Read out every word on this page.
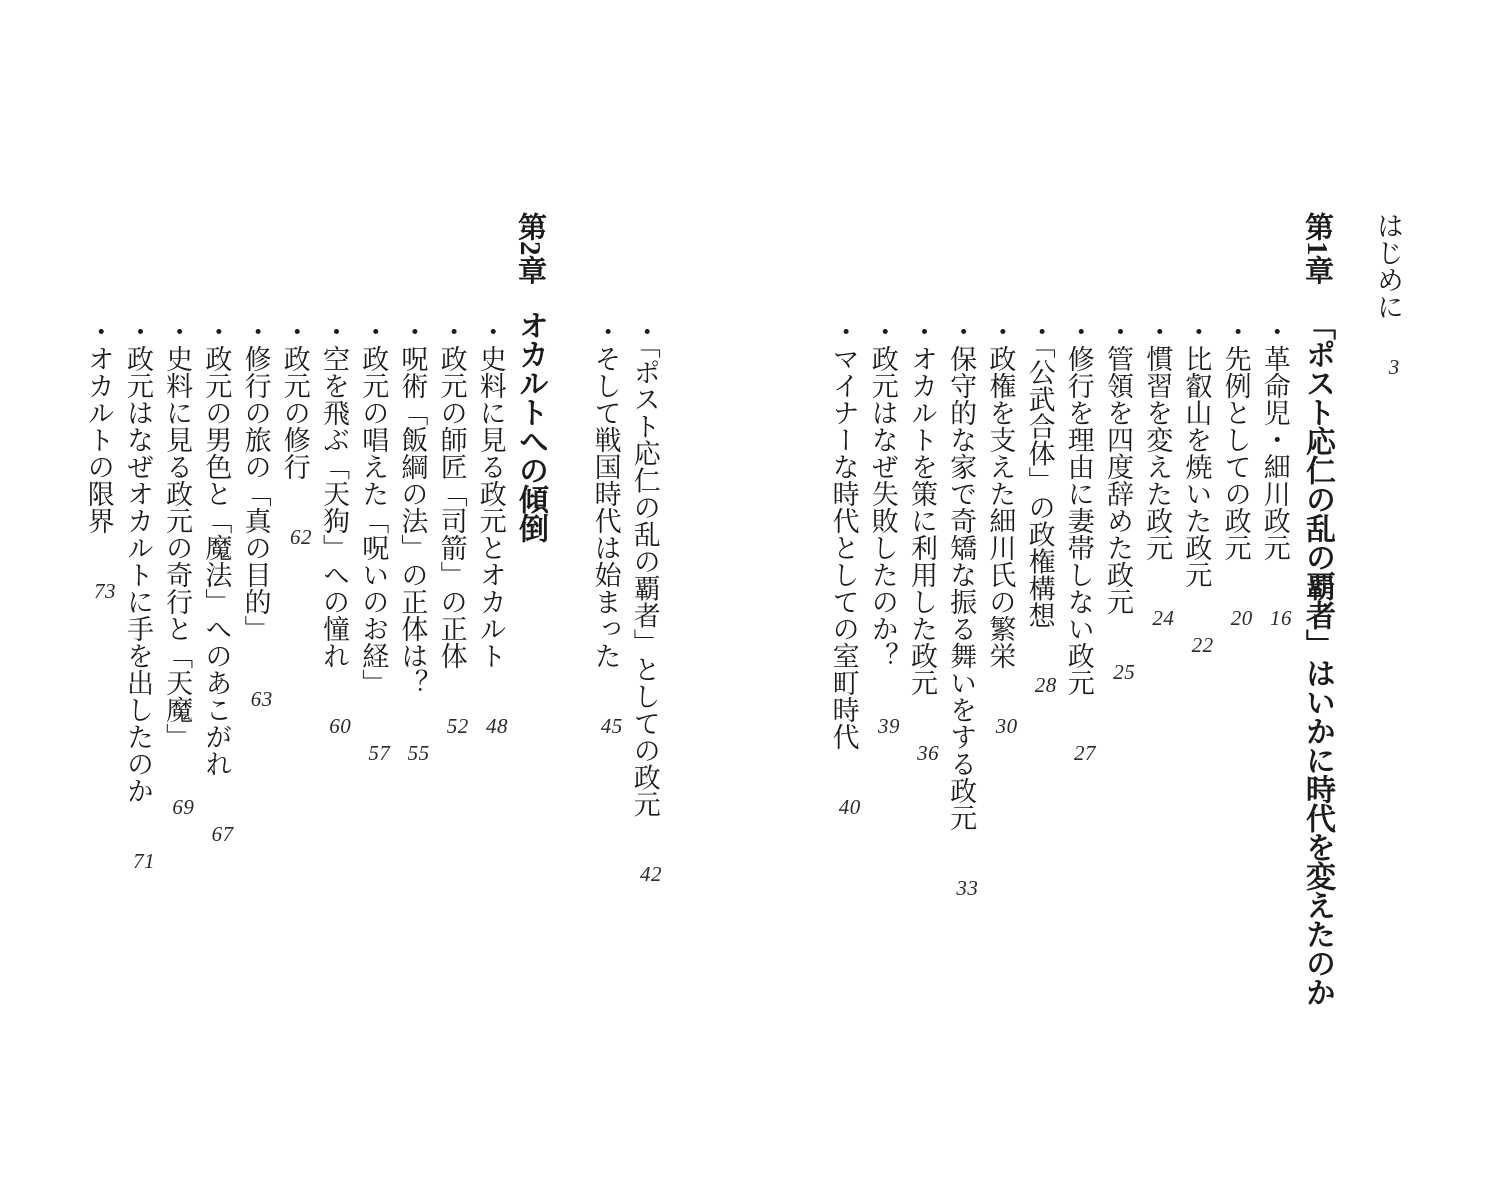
はじめに 3
第1章 「ポスト応仁の乱の覇者」はいかに時代を変えたのか
・革命児・細川政元 16
・先例としての政元 20
・比叡山を焼いた政元 22
・慣習を変えた政元 24
・管領を四度辞めた政元 25
・修行を理由に妻帯しない政元 27
・「公武合体」の政権構想 28
・政権を支えた細川氏の繁栄 30
・保守的な家で奇矯な振る舞いをする政元 33
・オカルトを策に利用した政元 36
・政元はなぜ失敗したのか？ 39
・マイナーな時代としての室町時代 40
・「ポスト応仁の乱の覇者」としての政元 42
・そして戦国時代は始まった 45
第2章 オカルトへの傾倒
・史料に見る政元とオカルト 48
・政元の師匠「司箭」の正体 52
・呪術「飯綱の法」の正体は？ 55
・政元の唱えた「呪いのお経」 57
・空を飛ぶ「天狗」への憧れ 60
・政元の修行 62
・修行の旅の「真の目的」 63
・政元の男色と「魔法」へのあこがれ 67
・史料に見る政元の奇行と「天魔」 69
・政元はなぜオカルトに手を出したのか 71
・オカルトの限界 73
